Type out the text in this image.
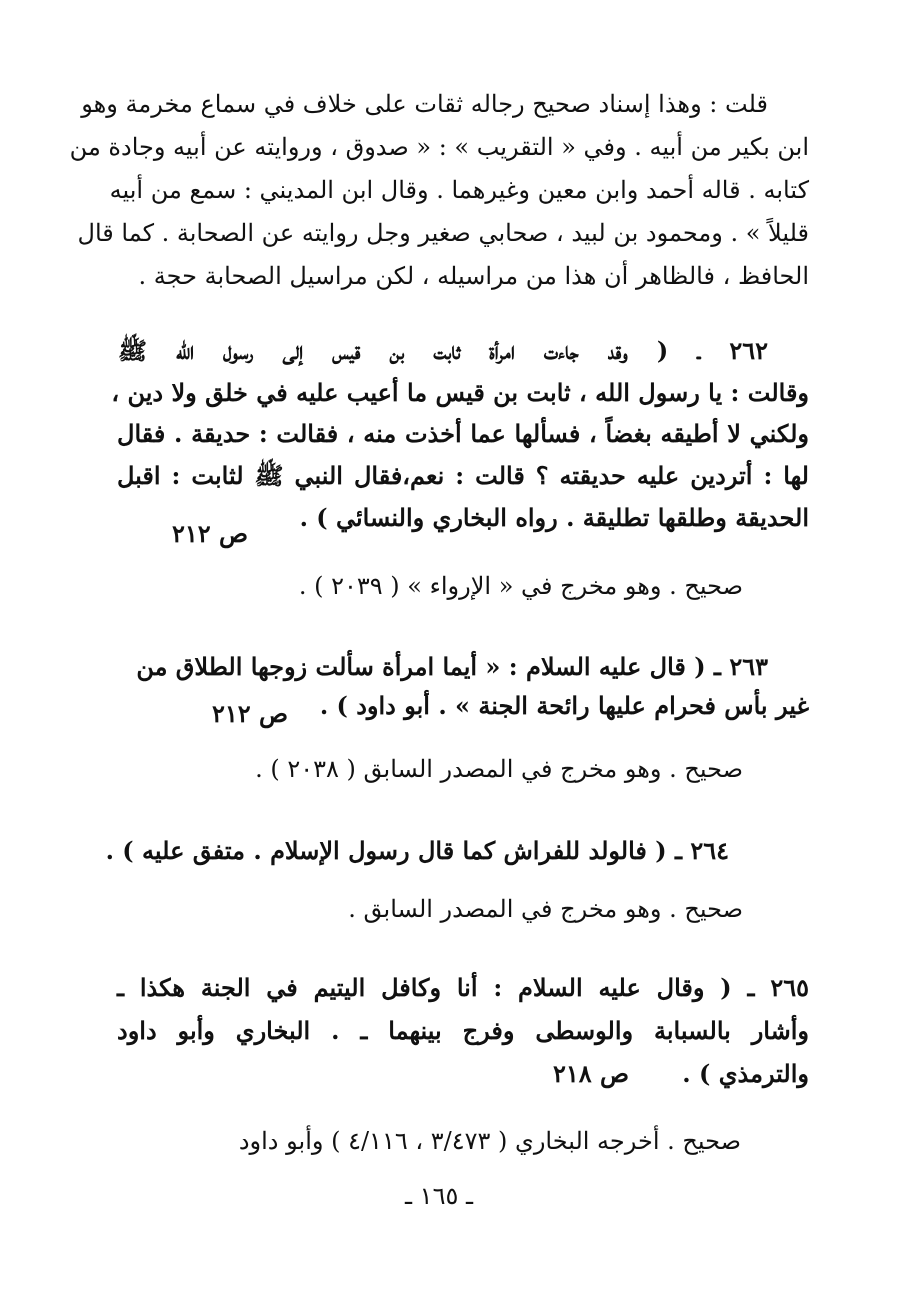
قلت : وهذا إسناد صحيح رجاله ثقات على خلاف في سماع مخرمة وهو
ابن بكير من أبيه . وفي « التقريب » : « صدوق ، وروايته عن أبيه وجادة من
كتابه . قاله أحمد وابن معين وغيرهما . وقال ابن المديني : سمع من أبيه
قليلاً » . ومحمود بن لبيد ، صحابي صغير وجل روايته عن الصحابة . كما قال
الحافظ ، فالظاهر أن هذا من مراسيله ، لكن مراسيل الصحابة حجة .
٢٦٢ ـ ( وقد جاءت امرأة ثابت بن قيس إلى رسول الله ﷺ
وقالت : يا رسول الله ، ثابت بن قيس ما أعيب عليه في خلق ولا دين ،
ولكني لا أطيقه بغضاً ، فسألها عما أخذت منه ، فقالت : حديقة . فقال
لها : أتردين عليه حديقته ؟ قالت : نعم،فقال النبي ﷺ لثابت : اقبل
الحديقة وطلقها تطليقة . رواه البخاري والنسائي ) .
ص ٢١٢
صحيح . وهو مخرج في « الإرواء » ( ٢٠٣٩ ) .
٢٦٣ ـ ( قال عليه السلام : « أيما امرأة سألت زوجها الطلاق من
غير بأس فحرام عليها رائحة الجنة » . أبو داود ) .
ص ٢١٢
صحيح . وهو مخرج في المصدر السابق ( ٢٠٣٨ ) .
٢٦٤ ـ ( فالولد للفراش كما قال رسول الإسلام . متفق عليه ) .
صحيح . وهو مخرج في المصدر السابق .
٢٦٥ ـ ( وقال عليه السلام : أنا وكافل اليتيم في الجنة هكذا ـ
وأشار بالسبابة والوسطى وفرج بينهما ـ . البخاري وأبو داود
والترمذي ) .
ص ٢١٨
صحيح . أخرجه البخاري ( ٣/٤٧٣ ، ٤/١١٦ ) وأبو داود
ـ ١٦٥ ـ
